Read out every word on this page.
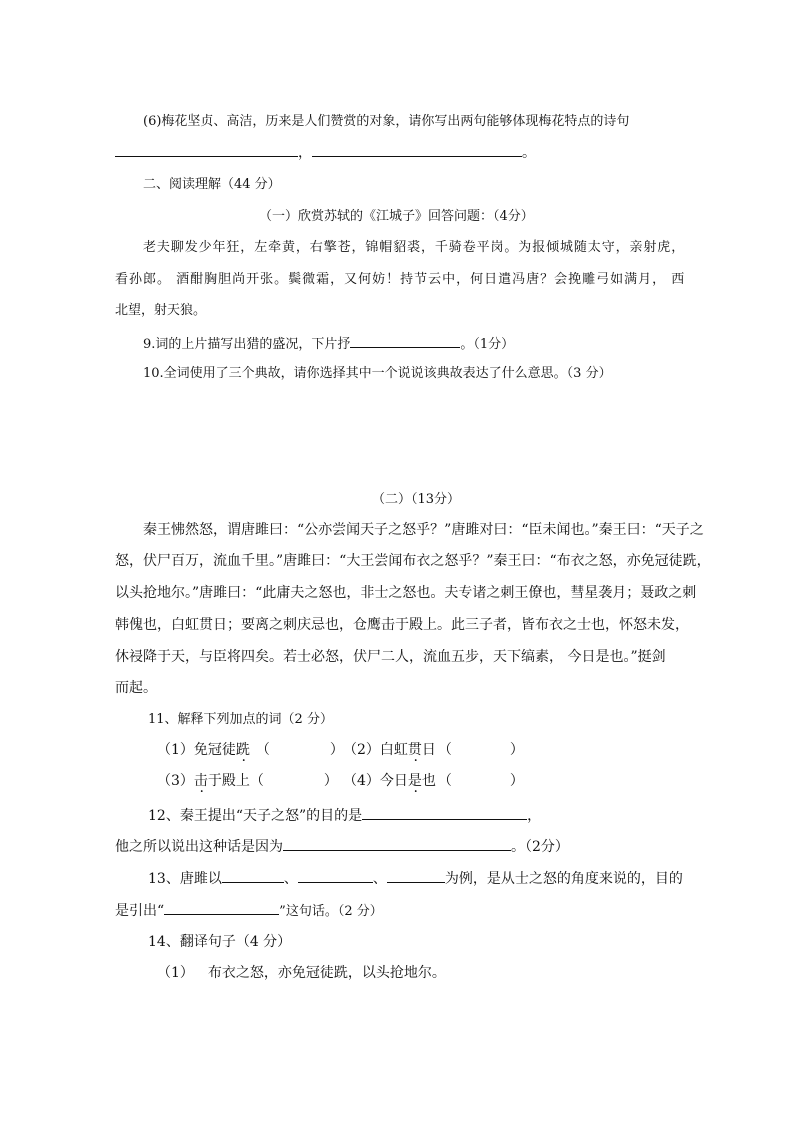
(6)梅花坚贞、高洁，历来是人们赞赏的对象，请你写出两句能够体现梅花特点的诗句
，	。
二、阅读理解（44 分）
（一）欣赏苏轼的《江城子》回答问题：（4分）
老夫聊发少年狂，左牵黄，右擎苍，锦帽貂裘，千骑卷平岗。为报倾城随太守，亲射虎，
看孙郎。 酒酣胸胆尚开张。鬓微霜，又何妨！持节云中，何日遣冯唐？会挽雕弓如满月， 西
北望，射天狼。
9.词的上片描写出猎的盛况，下片抒	。（1分）
10.全词使用了三个典故，请你选择其中一个说说该典故表达了什么意思。（3 分）
（二）（13分）
秦王怫然怒，谓唐雎曰：“公亦尝闻天子之怒乎？”唐雎对曰：“臣未闻也。”秦王曰：“天子之
怒，伏尸百万，流血千里。”唐雎曰：“大王尝闻布衣之怒乎？”秦王曰：“布衣之怒，亦免冠徒跣，
以头抢地尔。”唐雎曰：“此庸夫之怒也，非士之怒也。夫专诸之刺王僚也，彗星袭月；聂政之刺
韩傀也，白虹贯日；要离之刺庆忌也，仓鹰击于殿上。此三子者，皆布衣之士也，怀怒未发，
休祲降于天，与臣将四矣。若士必怒，伏尸二人，流血五步，天下缟素， 今日是也。”挺剑
而起。
11、解释下列加点的词（2 分）
（1）免冠徒跣 （	） （2）白虹贯日 （	）
（3）击于殿上（	） （4）今日是也 （	）
12、秦王提出“天子之怒”的目的是	，
他之所以说出这种话是因为	。（2分）
13、唐雎以	、	、	为例，是从士之怒的角度来说的，目的
是引出“	”这句话。（2 分）
14、翻译句子（4 分）
（1） 布衣之怒，亦免冠徒跣，以头抢地尔。
